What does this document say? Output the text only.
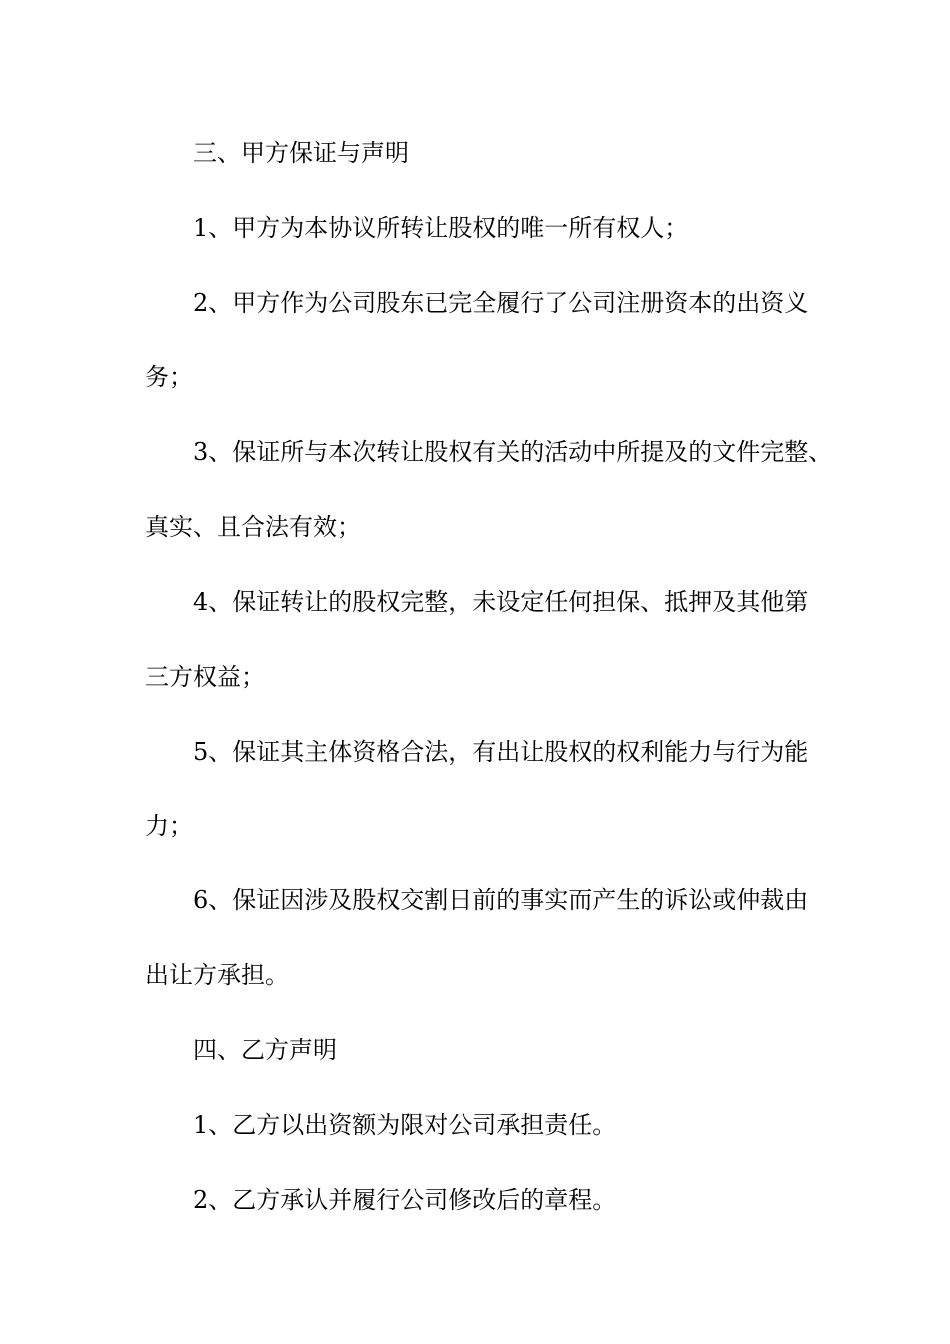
三、甲方保证与声明
1、甲方为本协议所转让股权的唯一所有权人；
2、甲方作为公司股东已完全履行了公司注册资本的出资义
务；
3、保证所与本次转让股权有关的活动中所提及的文件完整、
真实、且合法有效；
4、保证转让的股权完整，未设定任何担保、抵押及其他第
三方权益；
5、保证其主体资格合法，有出让股权的权利能力与行为能
力；
6、保证因涉及股权交割日前的事实而产生的诉讼或仲裁由
出让方承担。
四、乙方声明
1、乙方以出资额为限对公司承担责任。
2、乙方承认并履行公司修改后的章程。
